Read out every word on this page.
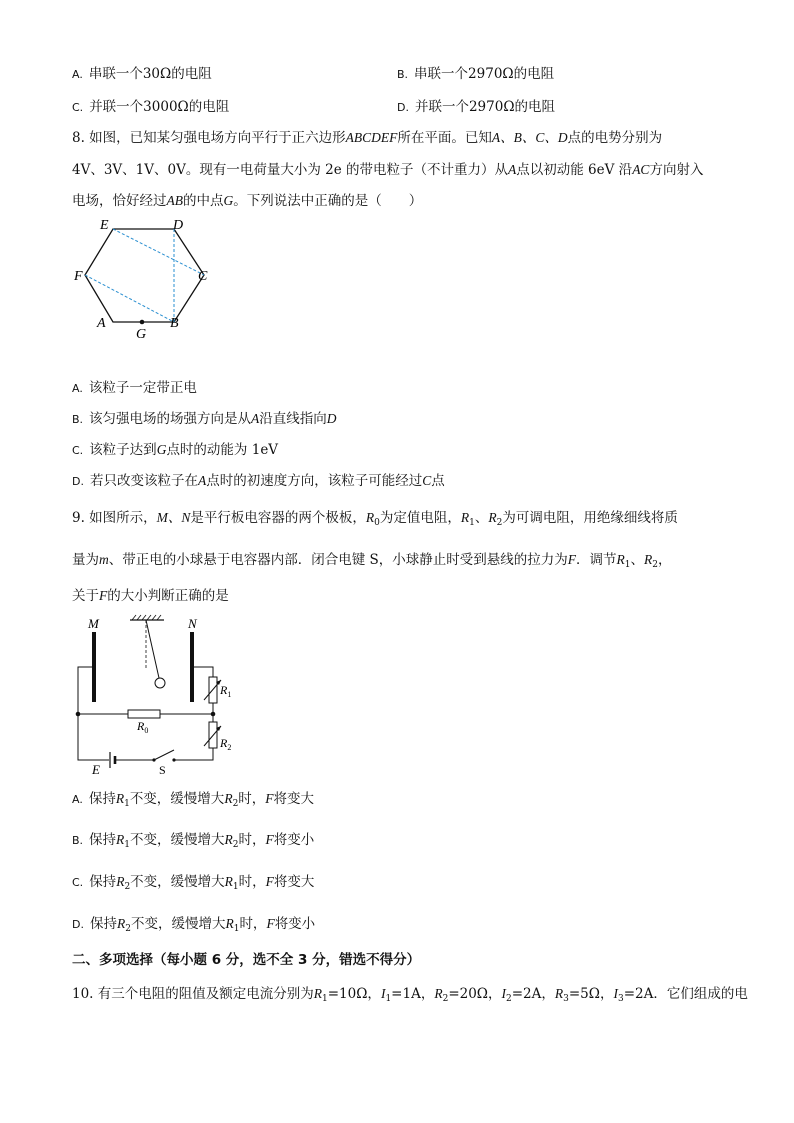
A. 串联一个30Ω的电阻	B. 串联一个2970Ω的电阻
C. 并联一个3000Ω的电阻	D. 并联一个2970Ω的电阻
8. 如图，已知某匀强电场方向平行于正六边形ABCDEF所在平面。已知A、B、C、D点的电势分别为
4V、3V、1V、0V。现有一电荷量大小为 2e 的带电粒子（不计重力）从A点以初动能 6eV 沿AC方向射入
电场，恰好经过AB的中点G。下列说法中正确的是（　　）
E	D
C
F
A	B
G
A. 该粒子一定带正电
B. 该匀强电场的场强方向是从A沿直线指向D
C. 该粒子达到G点时的动能为 1eV
D. 若只改变该粒子在A点时的初速度方向，该粒子可能经过C点
9. 如图所示，M、N是平行板电容器的两个极板，$R_0$为定值电阻，$R_1$、$R_2$为可调电阻，用绝缘细线将质
量为m、带正电的小球悬于电容器内部．闭合电键 S，小球静止时受到悬线的拉力为F．调节$R_1$、$R_2$，
关于F的大小判断正确的是
M	N
$R_1$
$R_0$
$R_2$
E	S
A. 保持$R_1$不变，缓慢增大$R_2$时，F将变大
B. 保持$R_1$不变，缓慢增大$R_2$时，F将变小
C. 保持$R_2$不变，缓慢增大$R_1$时，F将变大
D. 保持$R_2$不变，缓慢增大$R_1$时，F将变小
二、多项选择（每小题 6 分，选不全 3 分，错选不得分）
10. 有三个电阻的阻值及额定电流分别为$R_1=10\Omega$，$I_1=1A$，$R_2=20\Omega$，$I_2=2A$，$R_3=5\Omega$，$I_3=2A$．它们组成的电
